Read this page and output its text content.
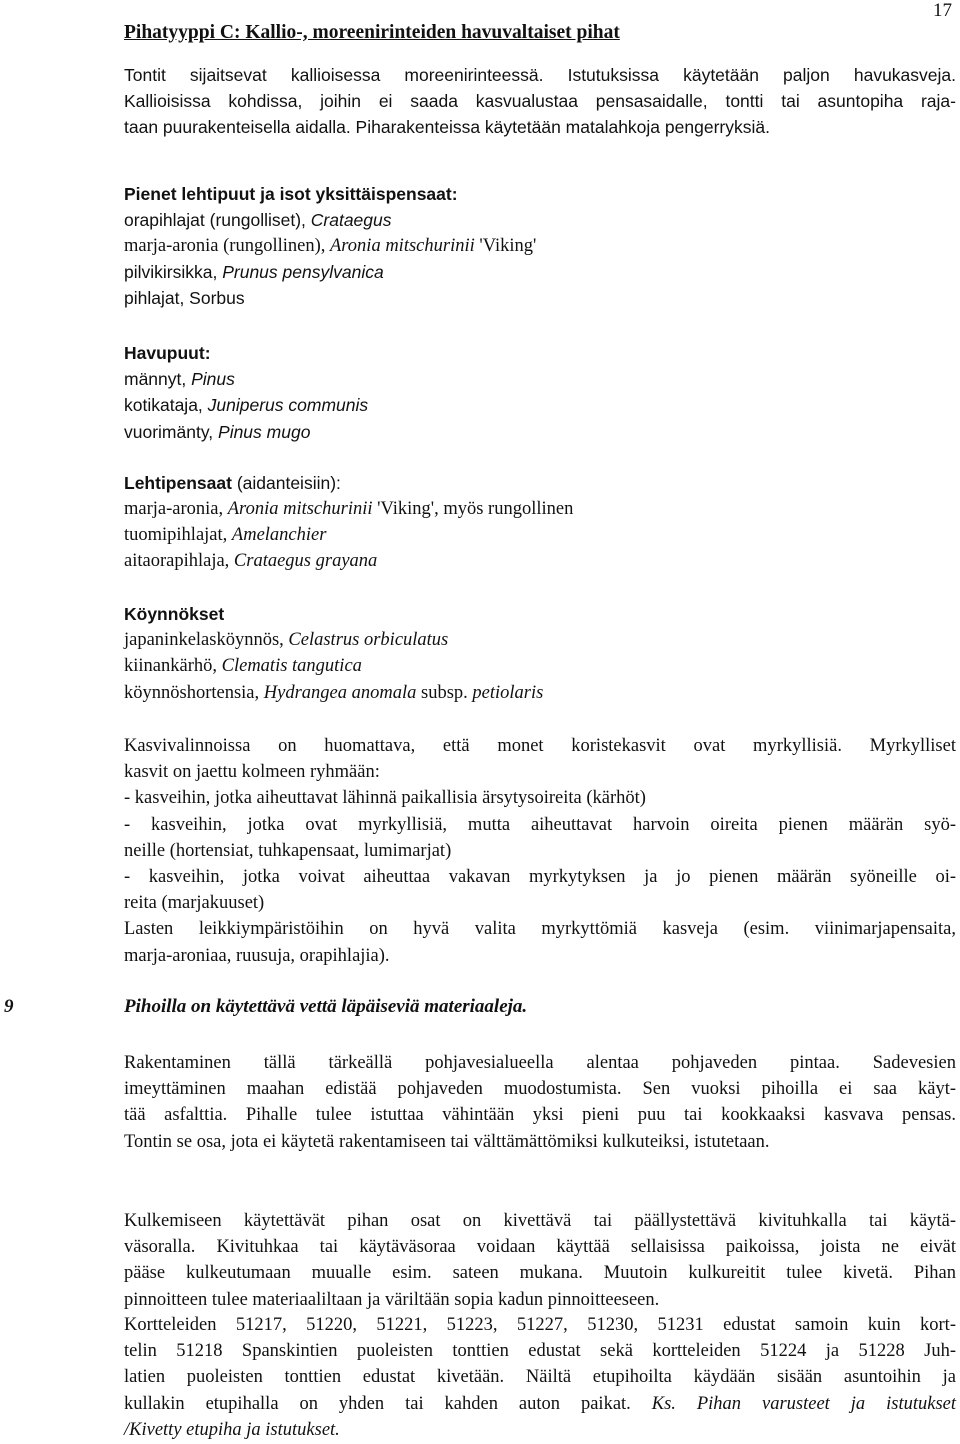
17
Pihatyyppi C: Kallio-, moreenirinteiden havuvaltaiset pihat
Tontit sijaitsevat kallioisessa moreenirinteessä. Istutuksissa käytetään paljon havukasveja.
Kallioisissa kohdissa, joihin ei saada kasvualustaa pensasaidalle, tontti tai asuntopiha raja-
taan puurakenteisella aidalla. Piharakenteissa käytetään matalahkoja pengerryksiä.
Pienet lehtipuut ja isot yksittäispensaat:
orapihlajat (rungolliset), Crataegus
marja-aronia (rungollinen), Aronia mitschurinii 'Viking'
pilvikirsikka, Prunus pensylvanica
pihlajat, Sorbus
Havupuut:
männyt, Pinus
kotikataja, Juniperus communis
vuorimänty, Pinus mugo
Lehtipensaat (aidanteisiin):
marja-aronia, Aronia mitschurinii 'Viking', myös rungollinen
tuomipihlajat, Amelanchier
aitaorapihlaja, Crataegus grayana
Köynnökset
japaninkelasköynnös, Celastrus orbiculatus
kiinankärhö, Clematis tangutica
köynnöshortensia, Hydrangea anomala subsp. petiolaris
Kasvivalinnoissa on huomattava, että monet koristekasvit ovat myrkyllisiä. Myrkylliset
kasvit on jaettu kolmeen ryhmään:
- kasveihin, jotka aiheuttavat lähinnä paikallisia ärsytysoireita (kärhöt)
- kasveihin, jotka ovat myrkyllisiä, mutta aiheuttavat harvoin oireita pienen määrän syö-
neille (hortensiat, tuhkapensaat, lumimarjat)
- kasveihin, jotka voivat aiheuttaa vakavan myrkytyksen ja jo pienen määrän syöneille oi-
reita (marjakuuset)
Lasten leikkiympäristöihin on hyvä valita myrkyttömiä kasveja (esim. viinimarjapensaita,
marja-aroniaa, ruusuja, orapihlajia).
9	Pihoilla on käytettävä vettä läpäiseviä materiaaleja.
Rakentaminen tällä tärkeällä pohjavesialueella alentaa pohjaveden pintaa. Sadevesien
imeyttäminen maahan edistää pohjaveden muodostumista. Sen vuoksi pihoilla ei saa käyt-
tää asfalttia. Pihalle tulee istuttaa vähintään yksi pieni puu tai kookkaaksi kasvava pensas.
Tontin se osa, jota ei käytetä rakentamiseen tai välttämättömiksi kulkuteiksi, istutetaan.
Kulkemiseen käytettävät pihan osat on kivettävä tai päällystettävä kivituhkalla tai käytä-
väsoralla. Kivituhkaa tai käytäväsoraa voidaan käyttää sellaisissa paikoissa, joista ne eivät
pääse kulkeutumaan muualle esim. sateen mukana. Muutoin kulkureitit tulee kivetä. Pihan
pinnoitteen tulee materiaaliltaan ja väriltään sopia kadun pinnoitteeseen.
Kortteleiden 51217, 51220, 51221, 51223, 51227, 51230, 51231 edustat samoin kuin kort-
telin 51218 Spanskintien puoleisten tonttien edustat sekä kortteleiden 51224 ja 51228 Juh-
latien puoleisten tonttien edustat kivetään. Näiltä etupihoilta käydään sisään asuntoihin ja
kullakin etupihalla on yhden tai kahden auton paikat. Ks. Pihan varusteet ja istutukset
/Kivetty etupiha ja istutukset.
